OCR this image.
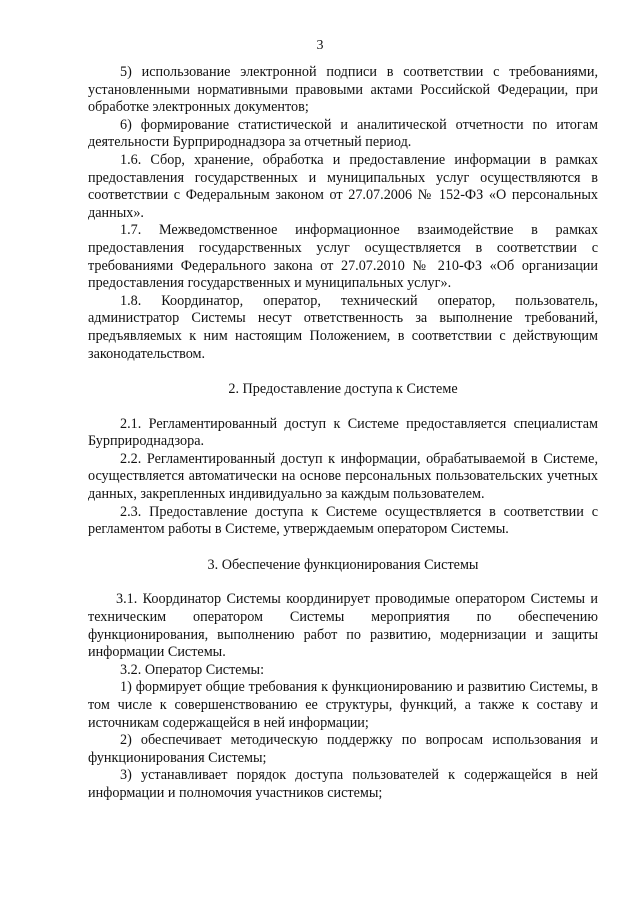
3

5) использование электронной подписи в соответствии с требованиями, установленными нормативными правовыми актами Российской Федерации, при обработке электронных документов;

6) формирование статистической и аналитической отчетности по итогам деятельности Бурприроднадзора за отчетный период.

1.6. Сбор, хранение, обработка и предоставление информации в рамках предоставления государственных и муниципальных услуг осуществляются в соответствии с Федеральным законом от 27.07.2006 № 152-ФЗ «О персональных данных».

1.7. Межведомственное информационное взаимодействие в рамках предоставления государственных услуг осуществляется в соответствии с требованиями Федерального закона от 27.07.2010 № 210-ФЗ «Об организации предоставления государственных и муниципальных услуг».

1.8. Координатор, оператор, технический оператор, пользователь, администратор Системы несут ответственность за выполнение требований, предъявляемых к ним настоящим Положением, в соответствии с действующим законодательством.

2. Предоставление доступа к Системе

2.1. Регламентированный доступ к Системе предоставляется специалистам Бурприроднадзора.

2.2. Регламентированный доступ к информации, обрабатываемой в Системе, осуществляется автоматически на основе персональных пользовательских учетных данных, закрепленных индивидуально за каждым пользователем.

2.3. Предоставление доступа к Системе осуществляется в соответствии с регламентом работы в Системе, утверждаемым оператором Системы.

3. Обеспечение функционирования Системы

3.1. Координатор Системы координирует проводимые оператором Системы и техническим оператором Системы мероприятия по обеспечению функционирования, выполнению работ по развитию, модернизации и защиты информации Системы.

3.2. Оператор Системы:

1) формирует общие требования к функционированию и развитию Системы, в том числе к совершенствованию ее структуры, функций, а также к составу и источникам содержащейся в ней информации;

2) обеспечивает методическую поддержку по вопросам использования и функционирования Системы;

3) устанавливает порядок доступа пользователей к содержащейся в ней информации и полномочия участников системы;
